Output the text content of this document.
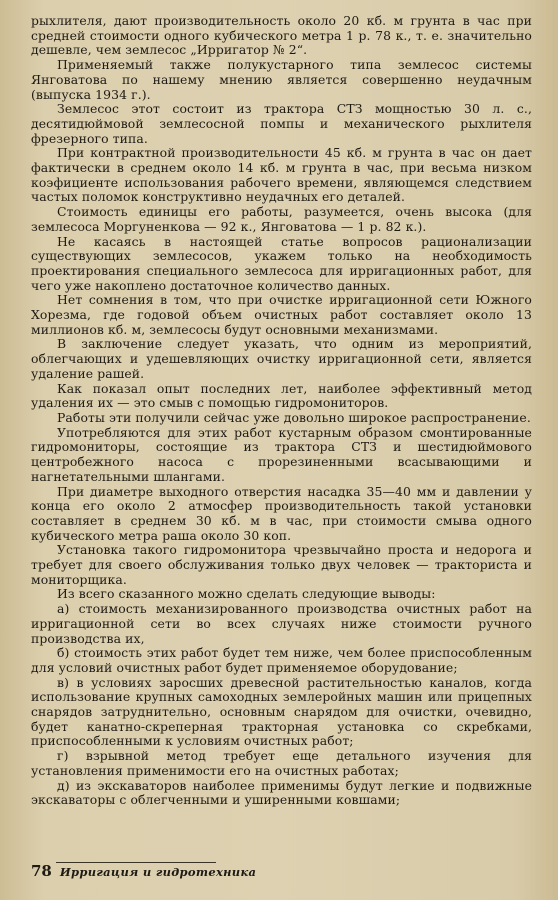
рыхлителя, дают производительность около 20 кб. м грунта в час при средней стоимости одного кубического метра 1 р. 78 к., т. е. значительно дешевле, чем землесос „Ирригатор № 2“.

Применяемый также полукустарного типа землесос системы Янговатова по нашему мнению является совершенно неудачным (выпуска 1934 г.).

Землесос этот состоит из трактора СТЗ мощностью 30 л. с., десятидюймовой землесосной помпы и механического рыхлителя фрезерного типа.

При контрактной производительности 45 кб. м грунта в час он дает фактически в среднем около 14 кб. м грунта в час, при весьма низком коэфициенте использования рабочего времени, являющемся следствием частых поломок конструктивно неудачных его деталей.

Стоимость единицы его работы, разумеется, очень высока (для землесоса Моргуненкова — 92 к., Янговатова — 1 р. 82 к.).

Не касаясь в настоящей статье вопросов рационализации существующих землесосов, укажем только на необходимость проектирования специального землесоса для ирригационных работ, для чего уже накоплено достаточное количество данных.

Нет сомнения в том, что при очистке ирригационной сети Южного Хорезма, где годовой объем очистных работ составляет около 13 миллионов кб. м, землесосы будут основными механизмами.

В заключение следует указать, что одним из мероприятий, облегчающих и удешевляющих очистку ирригационной сети, является удаление рашей.

Как показал опыт последних лет, наиболее эффективный метод удаления их — это смыв с помощью гидромониторов.

Работы эти получили сейчас уже довольно широкое распространение.

Употребляются для этих работ кустарным образом смонтированные гидромониторы, состоящие из трактора СТЗ и шестидюймового центробежного насоса с прорезиненными всасывающими и нагнетательными шлангами.

При диаметре выходного отверстия насадка 35—40 мм и давлении у конца его около 2 атмосфер производительность такой установки составляет в среднем 30 кб. м в час, при стоимости смыва одного кубического метра раша около 30 коп.

Установка такого гидромонитора чрезвычайно проста и недорога и требует для своего обслуживания только двух человек — тракториста и мониторщика.

Из всего сказанного можно сделать следующие выводы:

а) стоимость механизированного производства очистных работ на ирригационной сети во всех случаях ниже стоимости ручного производства их,

б) стоимость этих работ будет тем ниже, чем более приспособленным для условий очистных работ будет применяемое оборудование;

в) в условиях заросших древесной растительностью каналов, когда использование крупных самоходных землеройных машин или прицепных снарядов затруднительно, основным снарядом для очистки, очевидно, будет канатно-скреперная тракторная установка со скребками, приспособленными к условиям очистных работ;

г) взрывной метод требует еще детального изучения для установления применимости его на очистных работах;

д) из экскаваторов наиболее применимы будут легкие и подвижные экскаваторы с облегченными и уширенными ковшами;

78 Ирригация и гидротехника
